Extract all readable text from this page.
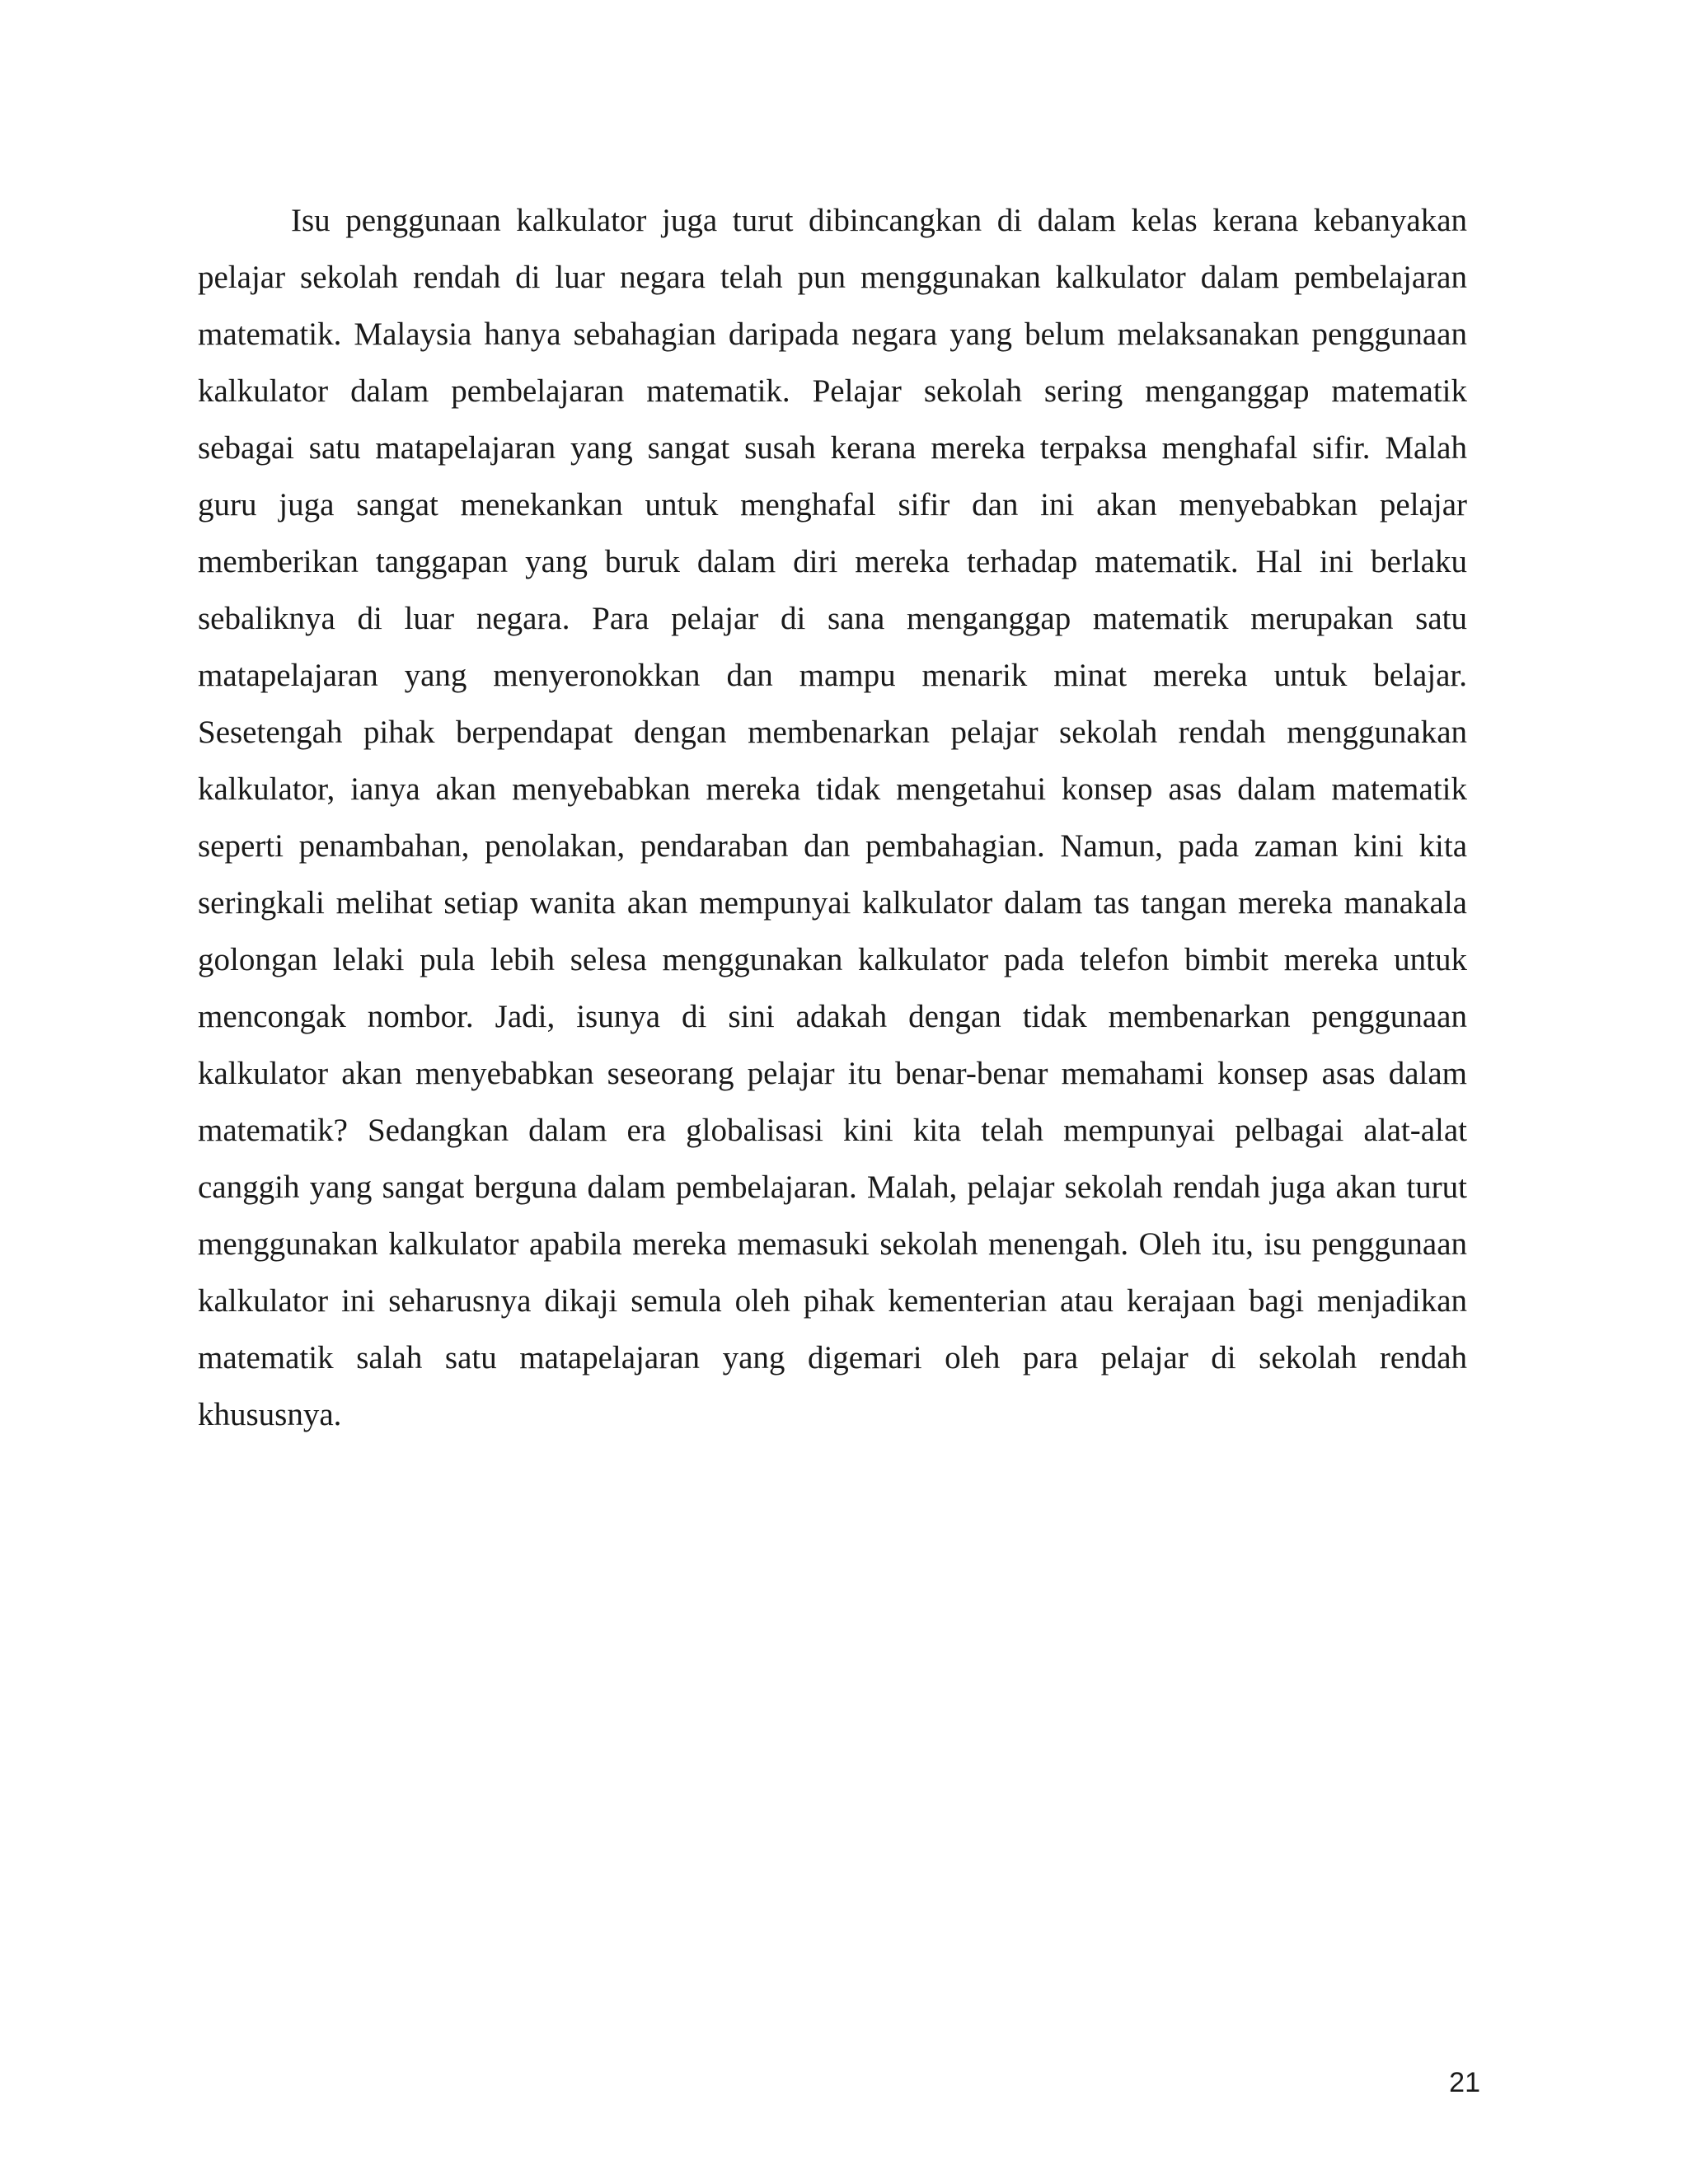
Isu penggunaan kalkulator juga turut dibincangkan di dalam kelas kerana kebanyakan
pelajar sekolah rendah di luar negara telah pun menggunakan kalkulator dalam pembelajaran
matematik. Malaysia hanya sebahagian daripada negara yang belum melaksanakan penggunaan
kalkulator dalam pembelajaran matematik. Pelajar sekolah sering menganggap matematik
sebagai satu matapelajaran yang sangat susah kerana mereka terpaksa menghafal sifir. Malah
guru juga sangat menekankan untuk menghafal sifir dan ini akan menyebabkan pelajar
memberikan tanggapan yang buruk dalam diri mereka terhadap matematik. Hal ini berlaku
sebaliknya di luar negara. Para pelajar di sana menganggap matematik merupakan satu
matapelajaran yang menyeronokkan dan mampu menarik minat mereka untuk belajar.
Sesetengah pihak berpendapat dengan membenarkan pelajar sekolah rendah menggunakan
kalkulator, ianya akan menyebabkan mereka tidak mengetahui konsep asas dalam matematik
seperti penambahan, penolakan, pendaraban dan pembahagian. Namun, pada zaman kini kita
seringkali melihat setiap wanita akan mempunyai kalkulator dalam tas tangan mereka manakala
golongan lelaki pula lebih selesa menggunakan kalkulator pada telefon bimbit mereka untuk
mencongak nombor. Jadi, isunya di sini adakah dengan tidak membenarkan penggunaan
kalkulator akan menyebabkan seseorang pelajar itu benar-benar memahami konsep asas dalam
matematik? Sedangkan dalam era globalisasi kini kita telah mempunyai pelbagai alat-alat
canggih yang sangat berguna dalam pembelajaran. Malah, pelajar sekolah rendah juga akan turut
menggunakan kalkulator apabila mereka memasuki sekolah menengah. Oleh itu, isu penggunaan
kalkulator ini seharusnya dikaji semula oleh pihak kementerian atau kerajaan bagi menjadikan
matematik salah satu matapelajaran yang digemari oleh para pelajar di sekolah rendah
khususnya.

21
